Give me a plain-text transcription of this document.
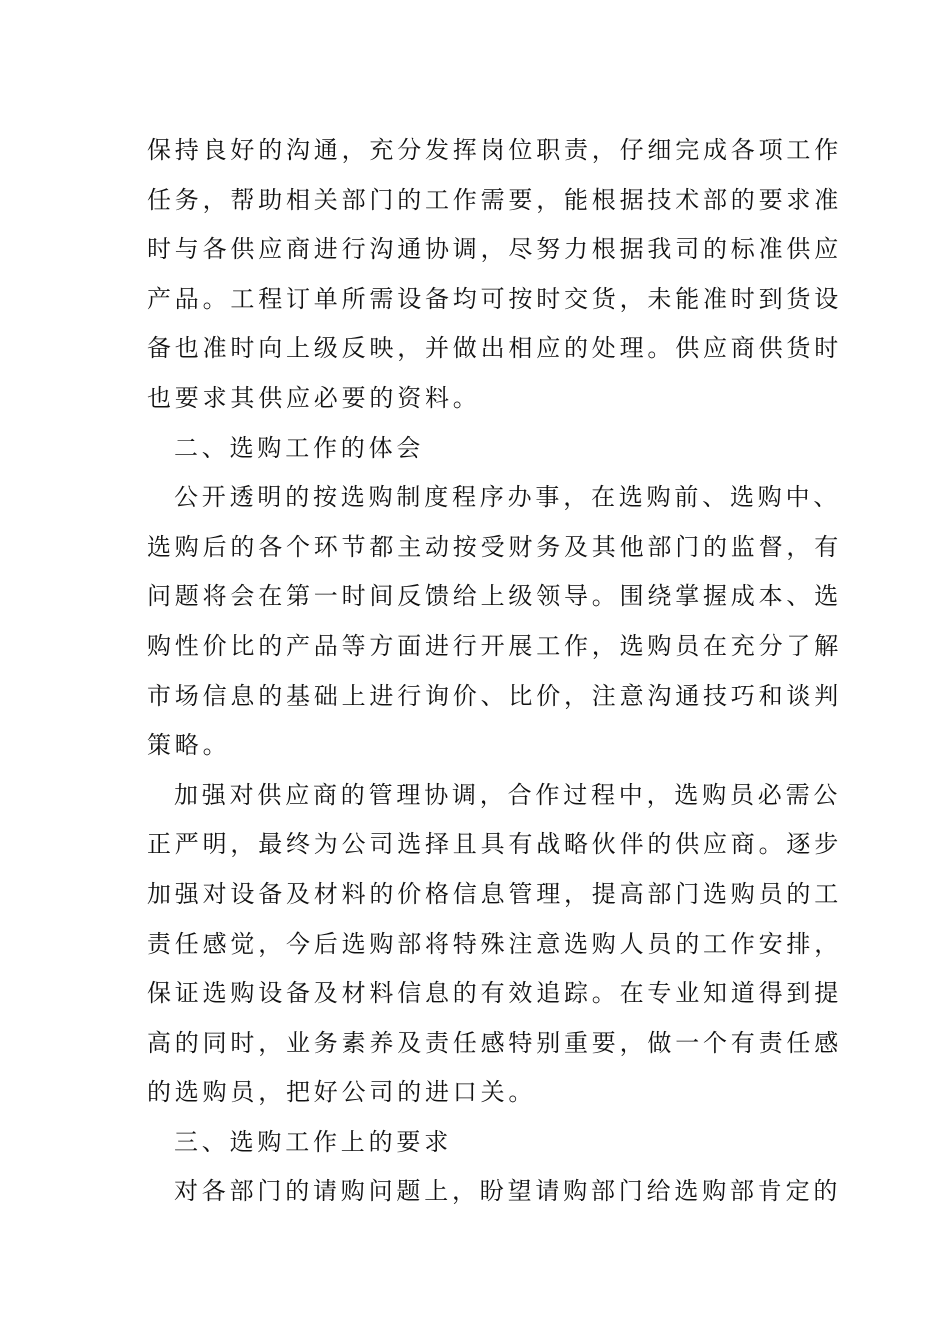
保持良好的沟通，充分发挥岗位职责，仔细完成各项工作
任务，帮助相关部门的工作需要，能根据技术部的要求准
时与各供应商进行沟通协调，尽努力根据我司的标准供应
产品。工程订单所需设备均可按时交货，未能准时到货设
备也准时向上级反映，并做出相应的处理。供应商供货时
也要求其供应必要的资料。
二、选购工作的体会
公开透明的按选购制度程序办事，在选购前、选购中、
选购后的各个环节都主动按受财务及其他部门的监督，有
问题将会在第一时间反馈给上级领导。围绕掌握成本、选
购性价比的产品等方面进行开展工作，选购员在充分了解
市场信息的基础上进行询价、比价，注意沟通技巧和谈判
策略。
加强对供应商的管理协调，合作过程中，选购员必需公
正严明，最终为公司选择且具有战略伙伴的供应商。逐步
加强对设备及材料的价格信息管理，提高部门选购员的工
责任感觉，今后选购部将特殊注意选购人员的工作安排，
保证选购设备及材料信息的有效追踪。在专业知道得到提
高的同时，业务素养及责任感特别重要，做一个有责任感
的选购员，把好公司的进口关。
三、选购工作上的要求
对各部门的请购问题上，盼望请购部门给选购部肯定的
